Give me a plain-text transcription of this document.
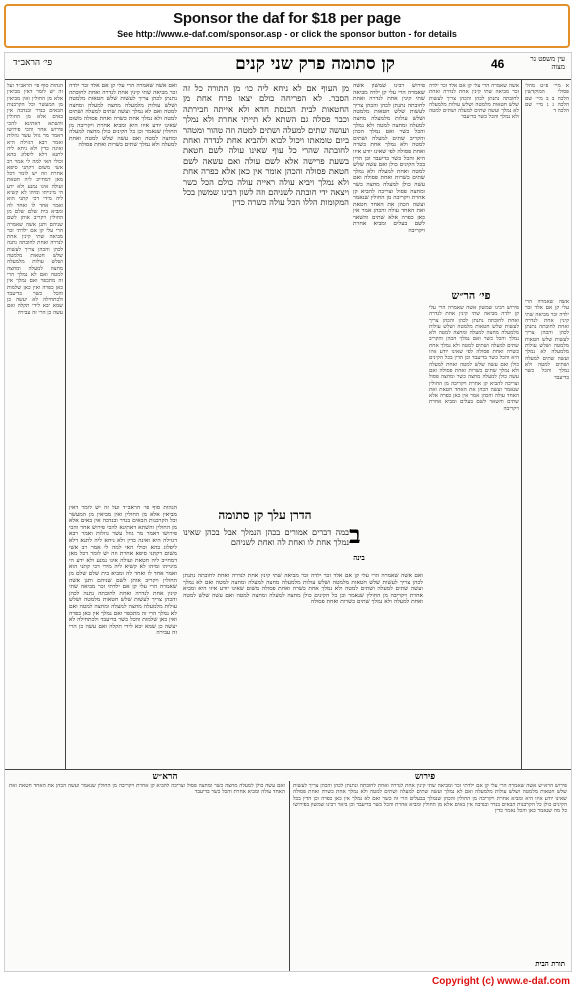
Sponsor the daf for $18 per page
See http://www.e-daf.com/sponsor.asp - or click the sponsor button - for details
פי׳ הראב״ד	קן סתומה פרק שני קנים	46	עין משפט נר מצוה
הגהות סוף פי׳ הראב״ד ועל זה יש לומר דאין מביאין אלא מן החולין ואין מביאין מן המעשר וכל הקרבנות הבאים בנדר ובנדבה אין באים אלא מן החולין והשתא דאתינא להכי פירוש אחר והכי פירושו דאמר מר גוזל עשר גוזלות ואמר רבא דגזילה היא ואינה כדין ולא ניחא ליה לתנא דלא ליפלוג בהא וכולי האי למה לי אמר רב אשי משום דקתני סיפא אחרת וזה יש לומר דכל מאן דמחייב ליה חטאת ועולה אינו נמנע ולא ידע הי מינייהו ומיהו לא קשיא ליה מידי דכי קתני הוא ואמר אחד לו ואחד לה ומביא בית שלם שלם מן החולין ויקריב אותן לשם שניהם ותנן אשה שאמרה הרי עלי קן אם ילדתי זכר מביאה שתי קינין אחת לנדרה ואחת לחובתה נתנה לכהן והכהן צריך לעשות שלש חטאות מלמטה ושלש עולות מלמעלה מחצה למעלה ומחצה למטה ואם לא נמלך הרי זה מתכפר ואם נמלך אין כאן כפרה ואין כאן שלמות והכל כשר בדיעבד ולכתחילה לא יעשה כן שמא יבא לידי תקלה ואם עשה כן הרי זה עבירה
א מיי׳ פ״ט מהל׳ פסולי המוקדשין הלכה ב ב מיי׳ שם הלכה ג ג מיי׳ שם הלכה ד
אשה שאמרה הרי עלי קן אם אלד זכר ילדה זכר מביאה שתי קינין אחת לנדרה ואחת לחובתה נתנתן לכהן והכהן צריך לעשות שלש חטאות מלמטה ושלש עולות מלמעלה לא נמלך ועשה שתים למעלה ושתים למטה ולא נמלך והכל כשר בדיעבד
פי׳ הר״ש
אשה שאמרה הרי עלי קן אם אלד זכר ילדה זכר מביאה שתי קינין אחת לנדרה ואחת לחובתה נתנתן לכהן והכהן צריך לעשות שלש חטאות מלמטה ושלש עולות מלמעלה לא נמלך ועשה שתים למעלה ושתים למטה ולא נמלך והכל כשר בדיעבד
פירוש רבינו שמשון אשה שאמרה הרי עלי קן ילדה מביאה שתי קינין אחת לנדרה ואחת לחובתה נתנתן לכהן והכהן צריך לעשות שלש חטאות מלמטה ושלש עולות מלמעלה מחצה למעלה ומחצה למטה ולא נמלך והכל כשר ואם נמלך הכהן והקריב שתים למעלה ושתים למטה ולא נמלך אחת כשרה ואחת פסולה לפי שאינו יודע איזו היא והכל כשר בדיעבד וכן הדין בכל הקינים כולן ואם עשה שלש למטה ואחת למעלה ולא נמלך שתים כשרות ואחת פסולה ואם עשה כולן למעלה מחצה כשר ומחצה פסול וצריכה להביא קן אחרת ויקריבה מן החולין שנאמר ועשה הכהן את האחד חטאת ואת האחד עולה והכהן אמר אין כאן כפרה אלא שתים והשאר לשם בעלים ומביא אחרת ויקריבה
ואם אשה שאמרה הרי עלי קן אם אלד זכר ילדה זכר מביאה שתי קינין אחת לנדרה ואחת לחובתה נתנתן לכהן צריך לעשות שלש חטאות מלמטה ושלש עולות מלמעלה מחצה למעלה ומחצה למטה ואם לא נמלך ועשה שתים למעלה ושתים למטה ולא נמלך אחת כשרה ואחת פסולה משום שאינו יודע איזו היא ומביא אחרת ויקריבה מן החולין שנאמר וכן כל הקינים כולן מחצה למעלה ומחצה למטה ואם עשה שלש למטה ואחת למעלה ולא נמלך שתים כשרות ואחת פסולה
הגהות סוף פי׳ הראב״ד ועל זה יש לומר דאין מביאין אלא מן החולין ואין מביאין מן המעשר וכל הקרבנות הבאים בנדר ובנדבה אין באים אלא מן החולין והשתא דאתינא להכי פירוש אחר והכי פירושו דאמר מר גוזל עשר גוזלות ואמר רבא דגזילה היא ואינה כדין ולא ניחא ליה לתנא דלא ליפלוג בהא וכולי האי למה לי אמר רב אשי משום דקתני סיפא אחרת וזה יש לומר דכל מאן דמחייב ליה חטאת ועולה אינו נמנע ולא ידע הי מינייהו ומיהו לא קשיא ליה מידי דכי קתני הוא ואמר אחד לו ואחד לה ומביא בית שלם שלם מן החולין ויקריב אותן לשם שניהם ותנן אשה שאמרה הרי עלי קן אם ילדתי זכר מביאה שתי קינין אחת לנדרה ואחת לחובתה נתנה לכהן והכהן צריך לעשות שלש חטאות מלמטה ושלש עולות מלמעלה מחצה למעלה ומחצה למטה ואם לא נמלך הרי זה מתכפר ואם נמלך אין כאן כפרה ואין כאן שלמות והכל כשר בדיעבד ולכתחילה לא יעשה כן שמא יבא לידי תקלה ואם עשה כן הרי זה עבירה
מן העוף אם לא ניחא ליה כו׳ מן התורה כל זה הסבר. לא הפריחה כולם יצאו פרח אחת מן החטאות לבית הכנסת חדא ולא אייתה חבירתה וכבר פסלה גם השתא לא תייתי אחרת ולא נמלך ועושה שתים למעלה ושתים למטה וזה טהור ומטהר ביום טומאתו ויכול לבוא ולהביא אחת לנדרה ואחת לחובתה שהרי כל עוף שאינו עולה לשם חטאת בשעת פרישה אלא לשם עולה ואם עשאה לשם חטאת פסולה והכהן אומר אין כאן אלא כפרה אחת ולא נמלך ויביא עולה ראייה עולה כולם הכל כשר ויצאה ידי חובתה לשניהם וזה לשון רבינו שמשון בכל המקומות הללו הכל עולה כשרה כדין
הדרן עלך קן סתומה
ב
במה דברים אמורים בכהן הנמלך אבל בכהן שאינו נמלך אחת לו ואחת לה ואחת לשניהם
בינה
ואם אשה שאמרה הרי עלי קן אם אלד זכר ילדה זכר מביאה שתי קינין אחת לנדרה ואחת לחובתה נתנתן לכהן צריך לעשות שלש חטאות מלמטה ושלש עולות מלמעלה מחצה למעלה ומחצה למטה ואם לא נמלך ועשה שתים למעלה ושתים למטה ולא נמלך אחת כשרה ואחת פסולה משום שאינו יודע איזו היא ומביא אחרת ויקריבה מן החולין שנאמר וכן כל הקינים כולן מחצה למעלה ומחצה למטה ואם עשה שלש למטה ואחת למעלה ולא נמלך שתים כשרות ואחת פסולה
פירוש רבינו שמשון אשה שאמרה הרי עלי קן ילדה מביאה שתי קינין אחת לנדרה ואחת לחובתה נתנתן לכהן והכהן צריך לעשות שלש חטאות מלמטה ושלש עולות מלמעלה מחצה למעלה ומחצה למטה ולא נמלך והכל כשר ואם נמלך הכהן והקריב שתים למעלה ושתים למטה ולא נמלך אחת כשרה ואחת פסולה לפי שאינו יודע איזו היא והכל כשר בדיעבד וכן הדין בכל הקינים כולן ואם עשה שלש למטה ואחת למעלה ולא נמלך שתים כשרות ואחת פסולה ואם עשה כולן למעלה מחצה כשר ומחצה פסול וצריכה להביא קן אחרת ויקריבה מן החולין שנאמר ועשה הכהן את האחד חטאת ואת האחד עולה והכהן אמר אין כאן כפרה אלא שתים והשאר לשם בעלים ומביא אחרת ויקריבה
הרא״ש	פירוש
ואם עשה כולן למעלה מחצה כשר ומחצה פסול וצריכה להביא קן אחרת ויקריבה מן החולין שנאמר ועשה הכהן את האחד חטאת ואת האחד עולה ומביא אחרת והכל כשר בדיעבד
פירוש הרא״ש אשה שאמרה הרי עלי קן אם ילדתי זכר ומביאה שתי קינין אחת לנדרה ואחת לחובתה ונתנתן לכהן והכהן צריך לעשות שלש חטאות מלמטה ושלש עולות מלמעלה ואם לא נמלך ועשה שתים למעלה ושתים למטה ולא נמלך אחת כשרה ואחת פסולה שאינו יודע איזו היא ומביא אחרת ויקריבה מן החולין והכהן שנמלך בבעלים הרי זה כשר ואם לא נמלך אין כאן כפרה וכן הדין בכל הקינים כולן כל הקרבנות הבאים בנדר ובנדבה אין באים אלא מן החולין ומביא אחרת והכל כשר בדיעבד וכן ביאר רבינו שמשון בפירושו כל מה שנאמר כאן והכל נאמר כדין
תורת הבית
Copyright (c) www.e-daf.com
